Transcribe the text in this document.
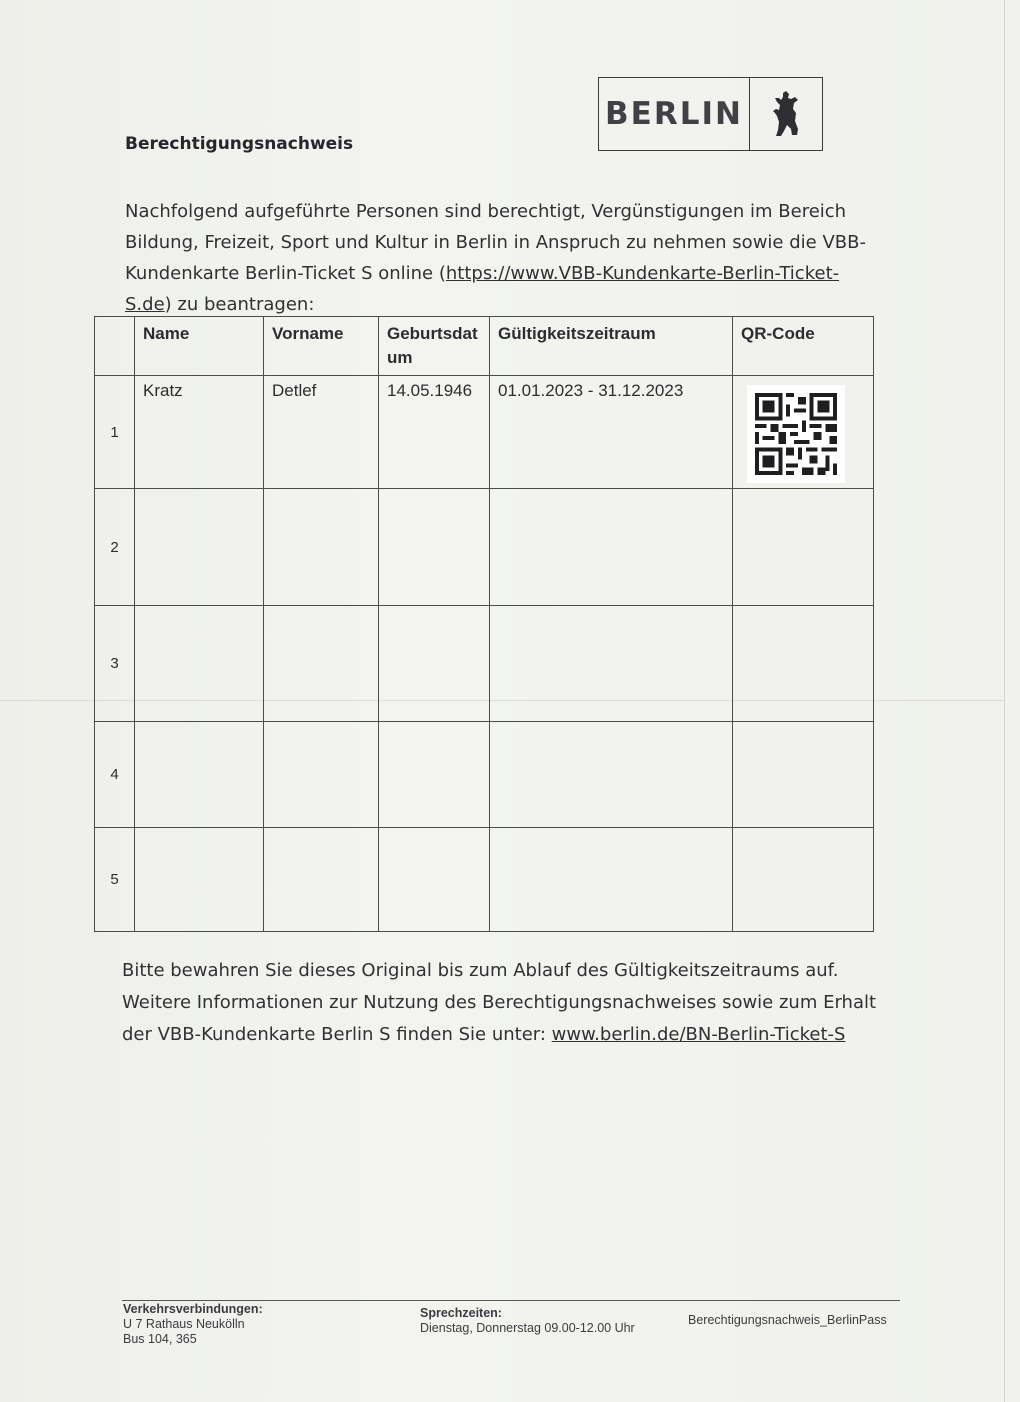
BERLIN
Berechtigungsnachweis
Nachfolgend aufgeführte Personen sind berechtigt, Vergünstigungen im Bereich Bildung, Freizeit, Sport und Kultur in Berlin in Anspruch zu nehmen sowie die VBB-Kundenkarte Berlin-Ticket S online (https://www.VBB-Kundenkarte-Berlin-Ticket-S.de) zu beantragen:
	Name	Vorname	Geburtsdatum	Gültigkeitszeitraum	QR-Code
1	Kratz	Detlef	14.05.1946	01.01.2023 - 31.12.2023	

2					
3					
4					
5					
Bitte bewahren Sie dieses Original bis zum Ablauf des Gültigkeitszeitraums auf. Weitere Informationen zur Nutzung des Berechtigungsnachweises sowie zum Erhalt der VBB-Kundenkarte Berlin S finden Sie unter: www.berlin.de/BN-Berlin-Ticket-S
Verkehrsverbindungen:
U 7 Rathaus Neukölln
Bus 104, 365
Sprechzeiten:
Dienstag, Donnerstag 09.00-12.00 Uhr
Berechtigungsnachweis_BerlinPass
